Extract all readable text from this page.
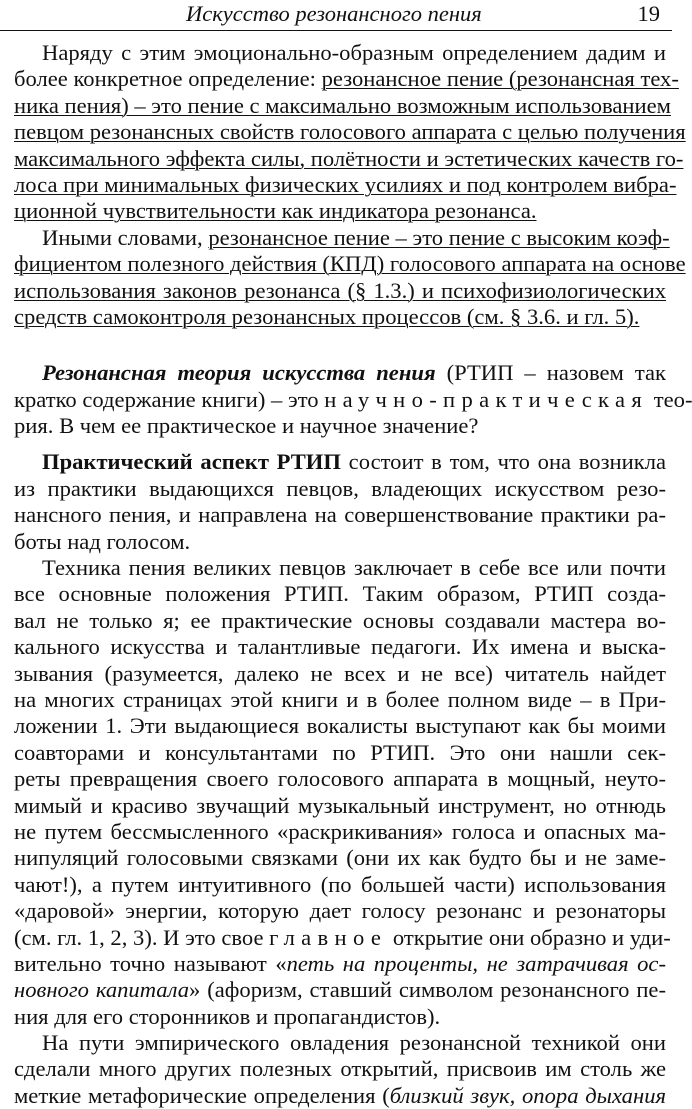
Искусство резонансного пения	19
Наряду с этим эмоционально-образным определением дадим и
более конкретное определение: резонансное пение (резонансная тех-
ника пения) – это пение с максимально возможным использованием
певцом резонансных свойств голосового аппарата с целью получения
максимального эффекта силы, полётности и эстетических качеств го-
лоса при минимальных физических усилиях и под контролем вибра-
ционной чувствительности как индикатора резонанса.
Иными словами, резонансное пение – это пение с высоким коэф-
фициентом полезного действия (КПД) голосового аппарата на основе
использования законов резонанса (§ 1.3.) и психофизиологических
средств самоконтроля резонансных процессов (см. § 3.6. и гл. 5).
Резонансная теория искусства пения (РТИП – назовем так
кратко содержание книги) – это научно-практическая тео-
рия. В чем ее практическое и научное значение?
Практический аспект РТИП состоит в том, что она возникла
из практики выдающихся певцов, владеющих искусством резо-
нансного пения, и направлена на совершенствование практики ра-
боты над голосом.
Техника пения великих певцов заключает в себе все или почти
все основные положения РТИП. Таким образом, РТИП созда-
вал не только я; ее практические основы создавали мастера во-
кального искусства и талантливые педагоги. Их имена и выска-
зывания (разумеется, далеко не всех и не все) читатель найдет
на многих страницах этой книги и в более полном виде – в При-
ложении 1. Эти выдающиеся вокалисты выступают как бы моими
соавторами и консультантами по РТИП. Это они нашли сек-
реты превращения своего голосового аппарата в мощный, неуто-
мимый и красиво звучащий музыкальный инструмент, но отнюдь
не путем бессмысленного «раскрикивания» голоса и опасных ма-
нипуляций голосовыми связками (они их как будто бы и не заме-
чают!), а путем интуитивного (по большей части) использования
«даровой» энергии, которую дает голосу резонанс и резонаторы
(см. гл. 1, 2, 3). И это свое главное открытие они образно и уди-
вительно точно называют «петь на проценты, не затрачивая ос-
новного капитала» (афоризм, ставший символом резонансного пе-
ния для его сторонников и пропагандистов).
На пути эмпирического овладения резонансной техникой они
сделали много других полезных открытий, присвоив им столь же
меткие метафорические определения (близкий звук, опора дыхания
